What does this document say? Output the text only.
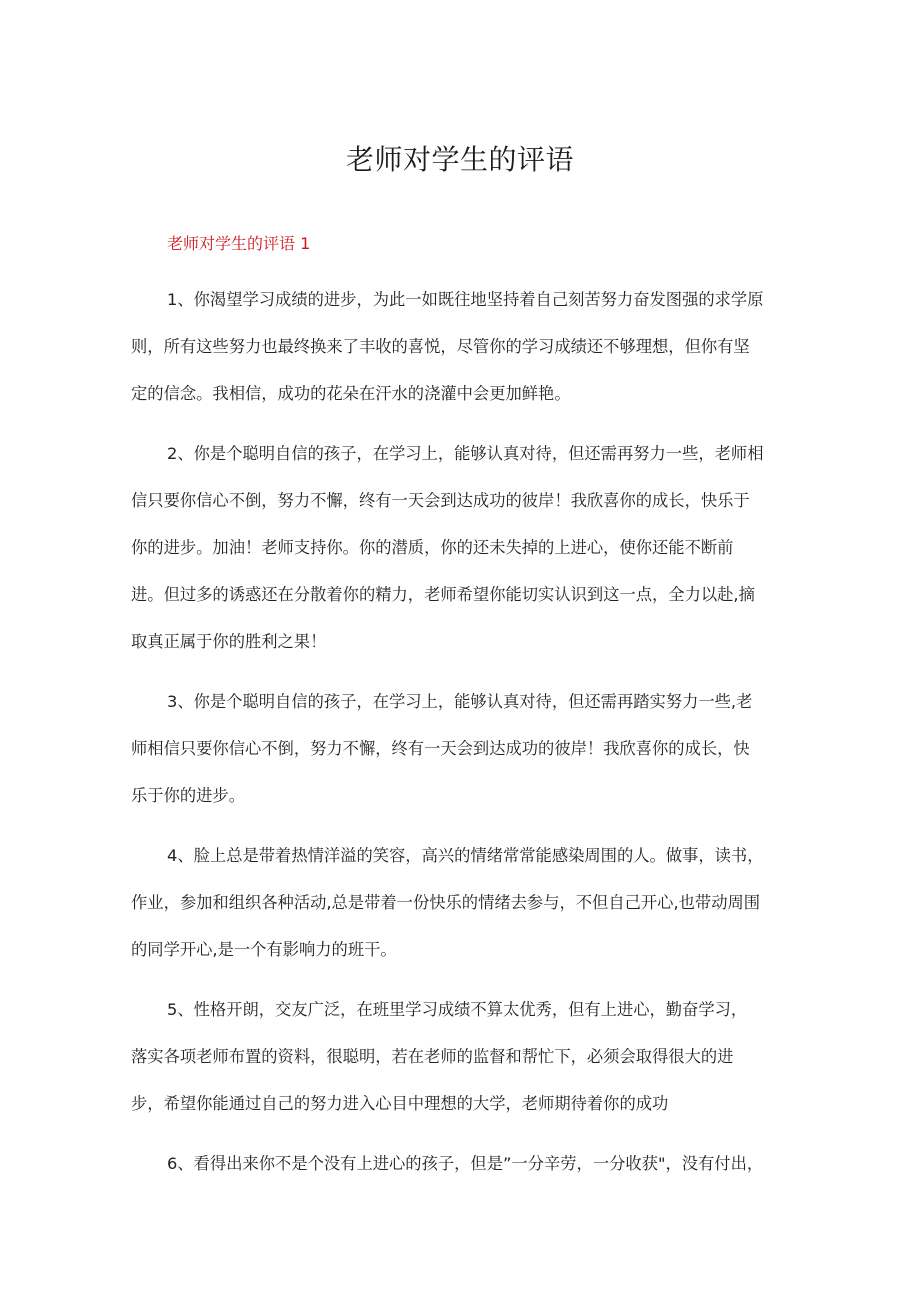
老师对学生的评语
老师对学生的评语 1
1、你渴望学习成绩的进步，为此一如既往地坚持着自己刻苦努力奋发图强的求学原
则，所有这些努力也最终换来了丰收的喜悦，尽管你的学习成绩还不够理想，但你有坚
定的信念。我相信，成功的花朵在汗水的浇灌中会更加鲜艳。
2、你是个聪明自信的孩子，在学习上，能够认真对待，但还需再努力一些，老师相
信只要你信心不倒，努力不懈，终有一天会到达成功的彼岸！我欣喜你的成长，快乐于
你的进步。加油！老师支持你。你的潜质，你的还未失掉的上进心，使你还能不断前
进。但过多的诱惑还在分散着你的精力，老师希望你能切实认识到这一点，全力以赴,摘
取真正属于你的胜利之果！
3、你是个聪明自信的孩子，在学习上，能够认真对待，但还需再踏实努力一些,老
师相信只要你信心不倒，努力不懈，终有一天会到达成功的彼岸！我欣喜你的成长，快
乐于你的进步。
4、脸上总是带着热情洋溢的笑容，高兴的情绪常常能感染周围的人。做事，读书，
作业，参加和组织各种活动,总是带着一份快乐的情绪去参与，不但自己开心,也带动周围
的同学开心,是一个有影响力的班干。
5、性格开朗，交友广泛，在班里学习成绩不算太优秀，但有上进心，勤奋学习，
落实各项老师布置的资料，很聪明，若在老师的监督和帮忙下，必须会取得很大的进
步，希望你能通过自己的努力进入心目中理想的大学，老师期待着你的成功
6、看得出来你不是个没有上进心的孩子，但是”一分辛劳，一分收获"，没有付出，
